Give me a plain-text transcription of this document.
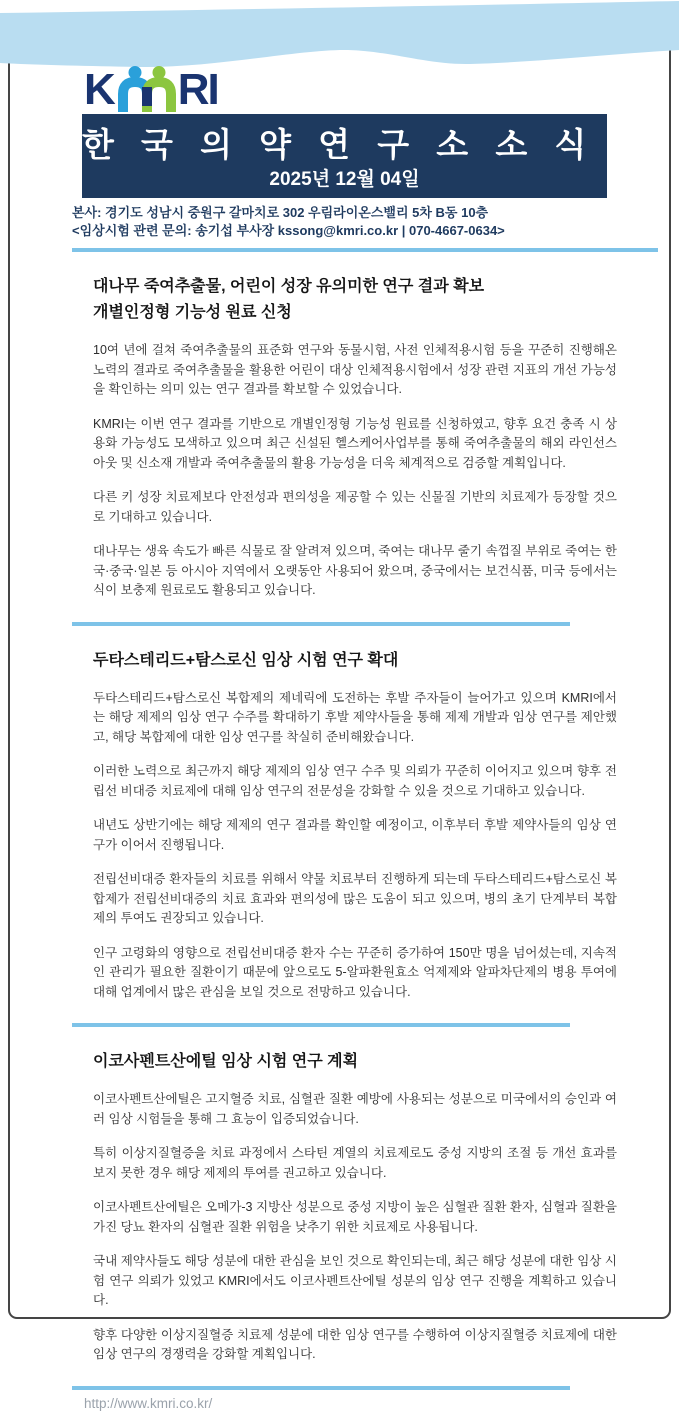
K RI
한 국 의 약 연 구 소 소 식 지
2025년 12월 04일
본사: 경기도 성남시 중원구 갈마치로 302 우림라이온스밸리 5차 B동 10층
<임상시험 관련 문의: 송기섭 부사장 kssong@kmri.co.kr | 070-4667-0634>
대나무 죽여추출물, 어린이 성장 유의미한 연구 결과 확보
개별인정형 기능성 원료 신청

10여 년에 걸쳐 죽여추출물의 표준화 연구와 동물시험, 사전 인체적용시험 등을 꾸준히 진행해온 노력의 결과로 죽여추출물을 활용한 어린이 대상 인체적용시험에서 성장 관련 지표의 개선 가능성을 확인하는 의미 있는 연구 결과를 확보할 수 있었습니다.

KMRI는 이번 연구 결과를 기반으로 개별인정형 기능성 원료를 신청하였고, 향후 요건 충족 시 상용화 가능성도 모색하고 있으며 최근 신설된 헬스케어사업부를 통해 죽여추출물의 해외 라인선스 아웃 및 신소재 개발과 죽여추출물의 활용 가능성을 더욱 체계적으로 검증할 계획입니다.

다른 키 성장 치료제보다 안전성과 편의성을 제공할 수 있는 신물질 기반의 치료제가 등장할 것으로 기대하고 있습니다.

대나무는 생육 속도가 빠른 식물로 잘 알려져 있으며, 죽여는 대나무 줄기 속껍질 부위로 죽여는 한국·중국·일본 등 아시아 지역에서 오랫동안 사용되어 왔으며, 중국에서는 보건식품, 미국 등에서는 식이 보충제 원료로도 활용되고 있습니다.

두타스테리드+탐스로신 임상 시험 연구 확대

두타스테리드+탐스로신 복합제의 제네릭에 도전하는 후발 주자들이 늘어가고 있으며 KMRI에서는 해당 제제의 임상 연구 수주를 확대하기 후발 제약사들을 통해 제제 개발과 임상 연구를 제안했고, 해당 복합제에 대한 임상 연구를 착실히 준비해왔습니다.

이러한 노력으로 최근까지 해당 제제의 임상 연구 수주 및 의뢰가 꾸준히 이어지고 있으며 향후 전립선 비대증 치료제에 대해 임상 연구의 전문성을 강화할 수 있을 것으로 기대하고 있습니다.

내년도 상반기에는 해당 제제의 연구 결과를 확인할 예정이고, 이후부터 후발 제약사들의 임상 연구가 이어서 진행됩니다.

전립선비대증 환자들의 치료를 위해서 약물 치료부터 진행하게 되는데 두타스테리드+탐스로신 복합제가 전립선비대증의 치료 효과와 편의성에 많은 도움이 되고 있으며, 병의 초기 단계부터 복합제의 투여도 권장되고 있습니다.

인구 고령화의 영향으로 전립선비대증 환자 수는 꾸준히 증가하여 150만 명을 넘어섰는데, 지속적인 관리가 필요한 질환이기 때문에 앞으로도 5-알파환원효소 억제제와 알파차단제의 병용 투여에 대해 업계에서 많은 관심을 보일 것으로 전망하고 있습니다.

이코사펜트산에틸 임상 시험 연구 계획

이코사펜트산에틸은 고지혈증 치료, 심혈관 질환 예방에 사용되는 성분으로 미국에서의 승인과 여러 임상 시험들을 통해 그 효능이 입증되었습니다.

특히 이상지질혈증을 치료 과정에서 스타틴 계열의 치료제로도 중성 지방의 조절 등 개선 효과를 보지 못한 경우 해당 제제의 투여를 권고하고 있습니다.

이코사펜트산에틸은 오메가-3 지방산 성분으로 중성 지방이 높은 심혈관 질환 환자, 심혈과 질환을 가진 당뇨 환자의 심혈관 질환 위험을 낮추기 위한 치료제로 사용됩니다.

국내 제약사들도 해당 성분에 대한 관심을 보인 것으로 확인되는데, 최근 해당 성분에 대한 임상 시험 연구 의뢰가 있었고 KMRI에서도 이코사펜트산에틸 성분의 임상 연구 진행을 계획하고 있습니다.

향후 다양한 이상지질혈증 치료제 성분에 대한 임상 연구를 수행하여 이상지질혈증 치료제에 대한 임상 연구의 경쟁력을 강화할 계획입니다.

http://www.kmri.co.kr/
